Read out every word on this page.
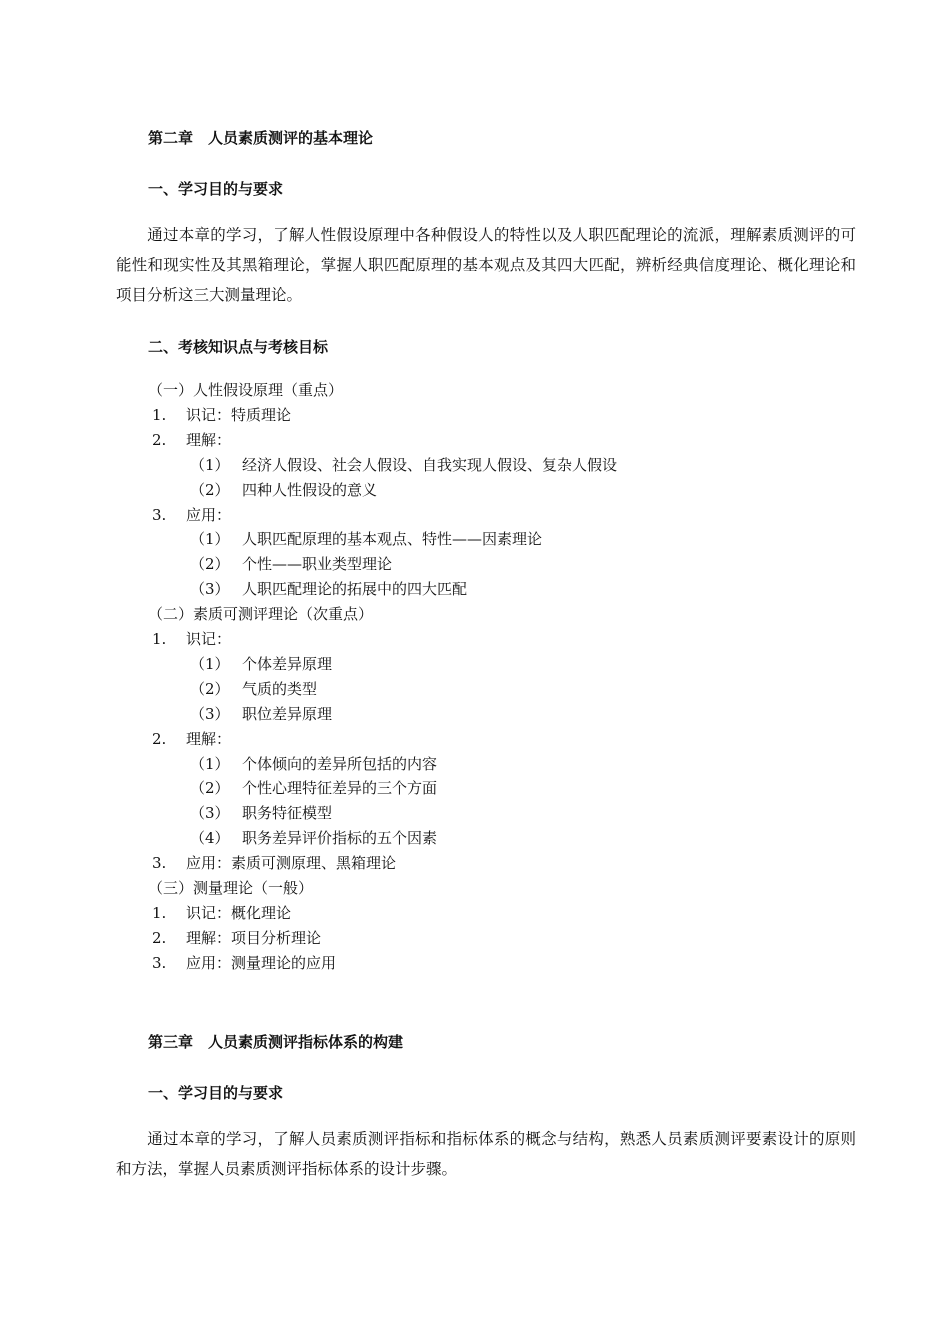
第二章　人员素质测评的基本理论
一、学习目的与要求
通过本章的学习，了解人性假设原理中各种假设人的特性以及人职匹配理论的流派，理解素质测评的可能性和现实性及其黑箱理论，掌握人职匹配原理的基本观点及其四大匹配，辨析经典信度理论、概化理论和项目分析这三大测量理论。
二、考核知识点与考核目标
（一）人性假设原理（重点）
1. 识记：特质理论
2. 理解：
（1） 经济人假设、社会人假设、自我实现人假设、复杂人假设
（2） 四种人性假设的意义
3. 应用：
（1） 人职匹配原理的基本观点、特性——因素理论
（2） 个性——职业类型理论
（3） 人职匹配理论的拓展中的四大匹配
（二）素质可测评理论（次重点）
1. 识记：
（1） 个体差异原理
（2） 气质的类型
（3） 职位差异原理
2. 理解：
（1） 个体倾向的差异所包括的内容
（2） 个性心理特征差异的三个方面
（3） 职务特征模型
（4） 职务差异评价指标的五个因素
3. 应用：素质可测原理、黑箱理论
（三）测量理论（一般）
1. 识记：概化理论
2. 理解：项目分析理论
3. 应用：测量理论的应用
第三章　人员素质测评指标体系的构建
一、学习目的与要求
通过本章的学习，了解人员素质测评指标和指标体系的概念与结构，熟悉人员素质测评要素设计的原则和方法，掌握人员素质测评指标体系的设计步骤。
